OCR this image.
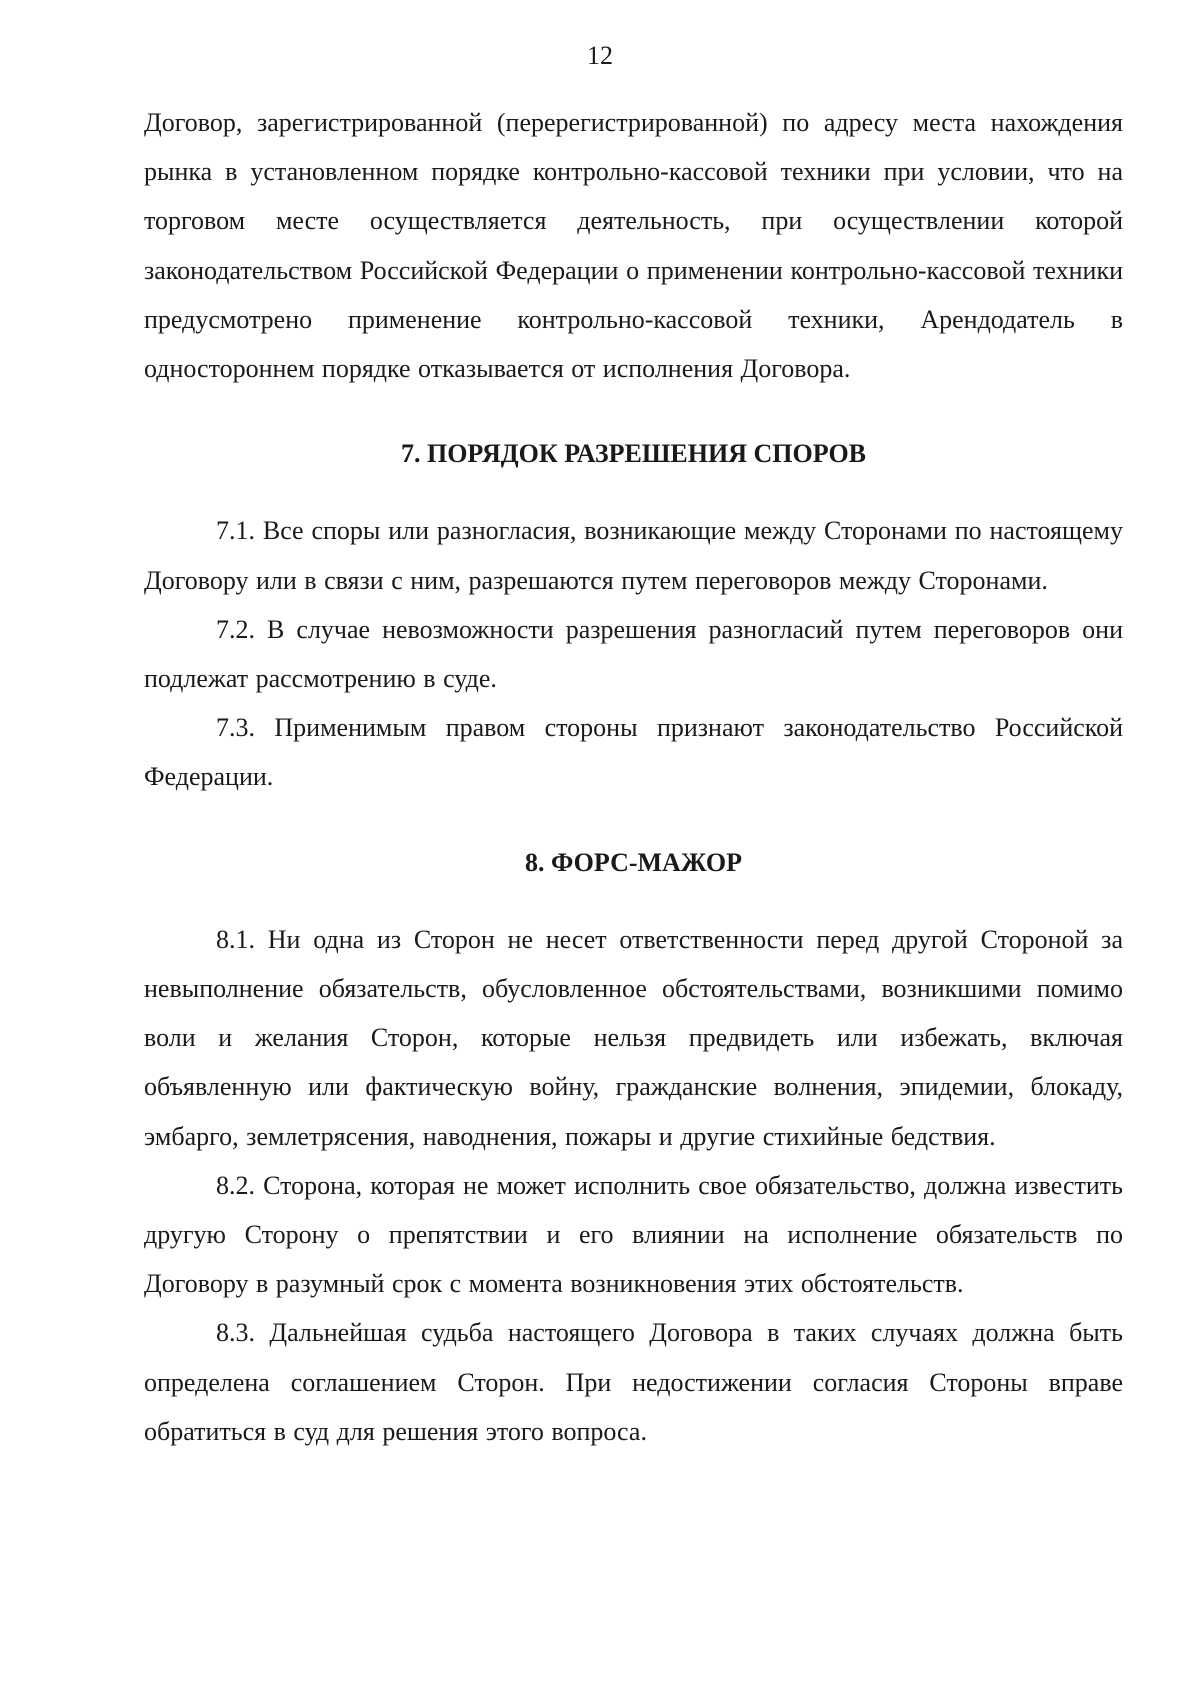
12

Договор, зарегистрированной (перерегистрированной) по адресу места нахождения рынка в установленном порядке контрольно-кассовой техники при условии, что на торговом месте осуществляется деятельность, при осуществлении которой законодательством Российской Федерации о применении контрольно-кассовой техники предусмотрено применение контрольно-кассовой техники, Арендодатель в одностороннем порядке отказывается от исполнения Договора.

7. ПОРЯДОК РАЗРЕШЕНИЯ СПОРОВ

7.1. Все споры или разногласия, возникающие между Сторонами по настоящему Договору или в связи с ним, разрешаются путем переговоров между Сторонами.

7.2. В случае невозможности разрешения разногласий путем переговоров они подлежат рассмотрению в суде.

7.3. Применимым правом стороны признают законодательство Российской Федерации.

8. ФОРС-МАЖОР

8.1. Ни одна из Сторон не несет ответственности перед другой Стороной за невыполнение обязательств, обусловленное обстоятельствами, возникшими помимо воли и желания Сторон, которые нельзя предвидеть или избежать, включая объявленную или фактическую войну, гражданские волнения, эпидемии, блокаду, эмбарго, землетрясения, наводнения, пожары и другие стихийные бедствия.

8.2. Сторона, которая не может исполнить свое обязательство, должна известить другую Сторону о препятствии и его влиянии на исполнение обязательств по Договору в разумный срок с момента возникновения этих обстоятельств.

8.3. Дальнейшая судьба настоящего Договора в таких случаях должна быть определена соглашением Сторон. При недостижении согласия Стороны вправе обратиться в суд для решения этого вопроса.
